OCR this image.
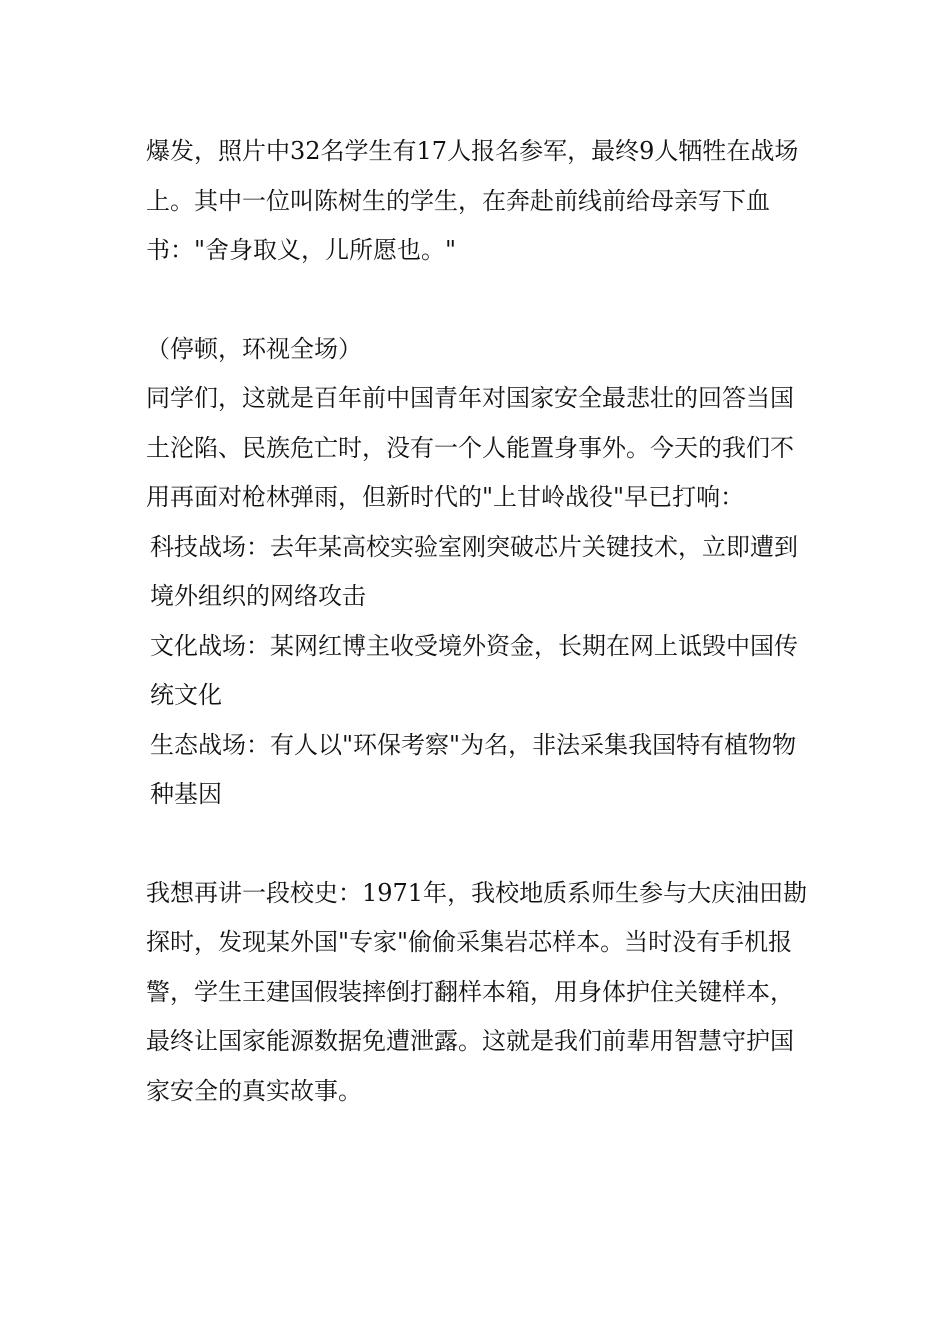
爆发，照片中32名学生有17人报名参军，最终9人牺牲在战场上。其中一位叫陈树生的学生，在奔赴前线前给母亲写下血书："舍身取义，儿所愿也。"

（停顿，环视全场）

同学们，这就是百年前中国青年对国家安全最悲壮的回答当国土沦陷、民族危亡时，没有一个人能置身事外。今天的我们不用再面对枪林弹雨，但新时代的"上甘岭战役"早已打响：

科技战场：去年某高校实验室刚突破芯片关键技术，立即遭到境外组织的网络攻击

文化战场：某网红博主收受境外资金，长期在网上诋毁中国传统文化

生态战场：有人以"环保考察"为名，非法采集我国特有植物物种基因

我想再讲一段校史：1971年，我校地质系师生参与大庆油田勘探时，发现某外国"专家"偷偷采集岩芯样本。当时没有手机报警，学生王建国假装摔倒打翻样本箱，用身体护住关键样本，最终让国家能源数据免遭泄露。这就是我们前辈用智慧守护国家安全的真实故事。
